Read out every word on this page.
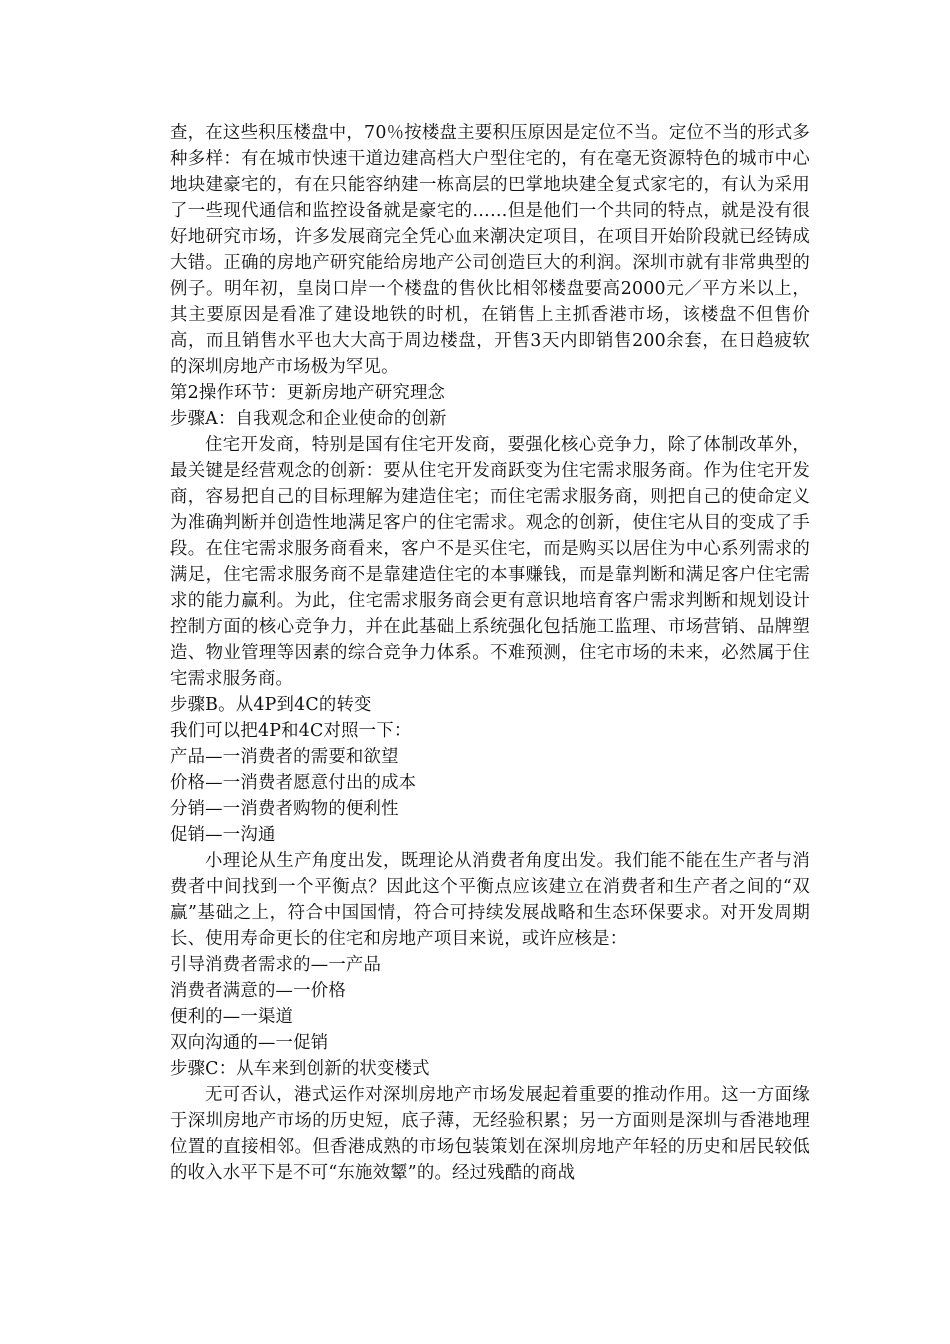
查，在这些积压楼盘中，70％按楼盘主要积压原因是定位不当。定位不当的形式多种多样：有在城市快速干道边建高档大户型住宅的，有在毫无资源特色的城市中心地块建豪宅的，有在只能容纳建一栋高层的巴掌地块建全复式家宅的，有认为采用了一些现代通信和监控设备就是豪宅的……但是他们一个共同的特点，就是没有很好地研究市场，许多发展商完全凭心血来潮决定项目，在项目开始阶段就已经铸成大错。正确的房地产研究能给房地产公司创造巨大的利润。深圳市就有非常典型的例子。明年初，皇岗口岸一个楼盘的售伙比相邻楼盘要高2000元／平方米以上，其主要原因是看准了建设地铁的时机，在销售上主抓香港市场，该楼盘不但售价高，而且销售水平也大大高于周边楼盘，开售3天内即销售200余套，在日趋疲软的深圳房地产市场极为罕见。

第2操作环节：更新房地产研究理念

步骤A：自我观念和企业使命的创新

住宅开发商，特别是国有住宅开发商，要强化核心竞争力，除了体制改革外，最关键是经营观念的创新：要从住宅开发商跃变为住宅需求服务商。作为住宅开发商，容易把自己的目标理解为建造住宅；而住宅需求服务商，则把自己的使命定义为准确判断并创造性地满足客户的住宅需求。观念的创新，使住宅从目的变成了手段。在住宅需求服务商看来，客户不是买住宅，而是购买以居住为中心系列需求的满足，住宅需求服务商不是靠建造住宅的本事赚钱，而是靠判断和满足客户住宅需求的能力赢利。为此，住宅需求服务商会更有意识地培育客户需求判断和规划设计控制方面的核心竞争力，并在此基础上系统强化包括施工监理、市场营销、品牌塑造、物业管理等因素的综合竞争力体系。不难预测，住宅市场的未来，必然属于住宅需求服务商。

步骤B。从4P到4C的转变

我们可以把4P和4C对照一下：

产品—一消费者的需要和欲望

价格—一消费者愿意付出的成本

分销—一消费者购物的便利性

促销—一沟通

小理论从生产角度出发，既理论从消费者角度出发。我们能不能在生产者与消费者中间找到一个平衡点？因此这个平衡点应该建立在消费者和生产者之间的“双赢”基础之上，符合中国国情，符合可持续发展战略和生态环保要求。对开发周期长、使用寿命更长的住宅和房地产项目来说，或许应核是：

引导消费者需求的—一产品

消费者满意的—一价格

便利的—一渠道

双向沟通的—一促销

步骤C：从车来到创新的状变楼式

无可否认，港式运作对深圳房地产市场发展起着重要的推动作用。这一方面缘于深圳房地产市场的历史短，底子薄，无经验积累；另一方面则是深圳与香港地理位置的直接相邻。但香港成熟的市场包装策划在深圳房地产年轻的历史和居民较低的收入水平下是不可“东施效颦”的。经过残酷的商战
